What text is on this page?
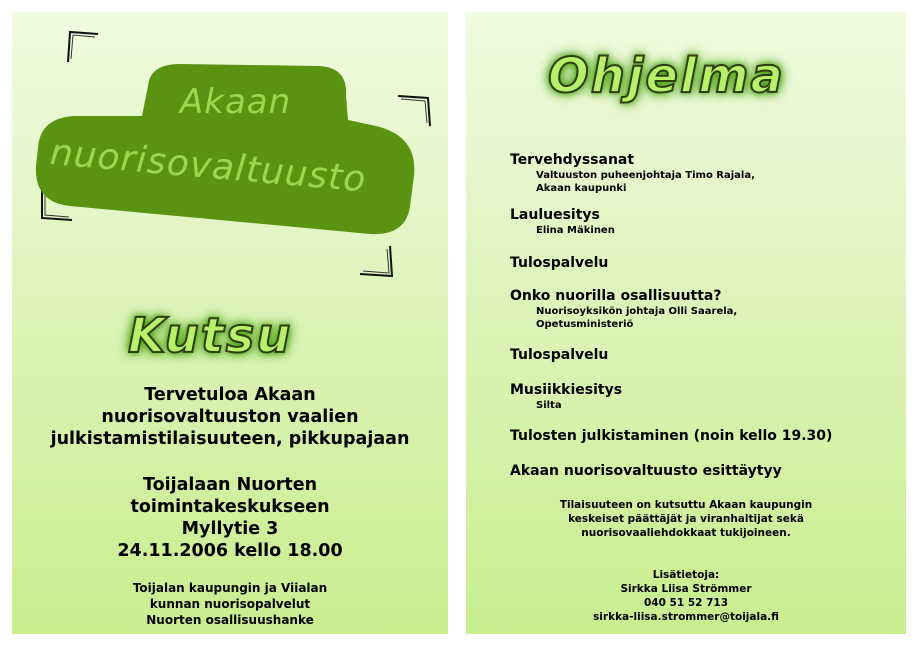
Akaan
nuorisovaltuusto
Kutsu
Tervetuloa Akaan
nuorisovaltuuston vaalien
julkistamistilaisuuteen, pikkupajaan
Toijalaan Nuorten
toimintakeskukseen
Myllytie 3
24.11.2006 kello 18.00
Toijalan kaupungin ja Viialan
kunnan nuorisopalvelut
Nuorten osallisuushanke
Ohjelma
Tervehdyssanat
Valtuuston puheenjohtaja Timo Rajala,
Akaan kaupunki
Lauluesitys
Elina Mäkinen
Tulospalvelu
Onko nuorilla osallisuutta?
Nuorisoyksikön johtaja Olli Saarela,
Opetusministeriö
Tulospalvelu
Musiikkiesitys
Silta
Tulosten julkistaminen (noin kello 19.30)
Akaan nuorisovaltuusto esittäytyy
Tilaisuuteen on kutsuttu Akaan kaupungin
keskeiset päättäjät ja viranhaltijat sekä
nuorisovaaliehdokkaat tukijoineen.
Lisätietoja:
Sirkka Liisa Strömmer
040 51 52 713
sirkka-liisa.strommer@toijala.fi
